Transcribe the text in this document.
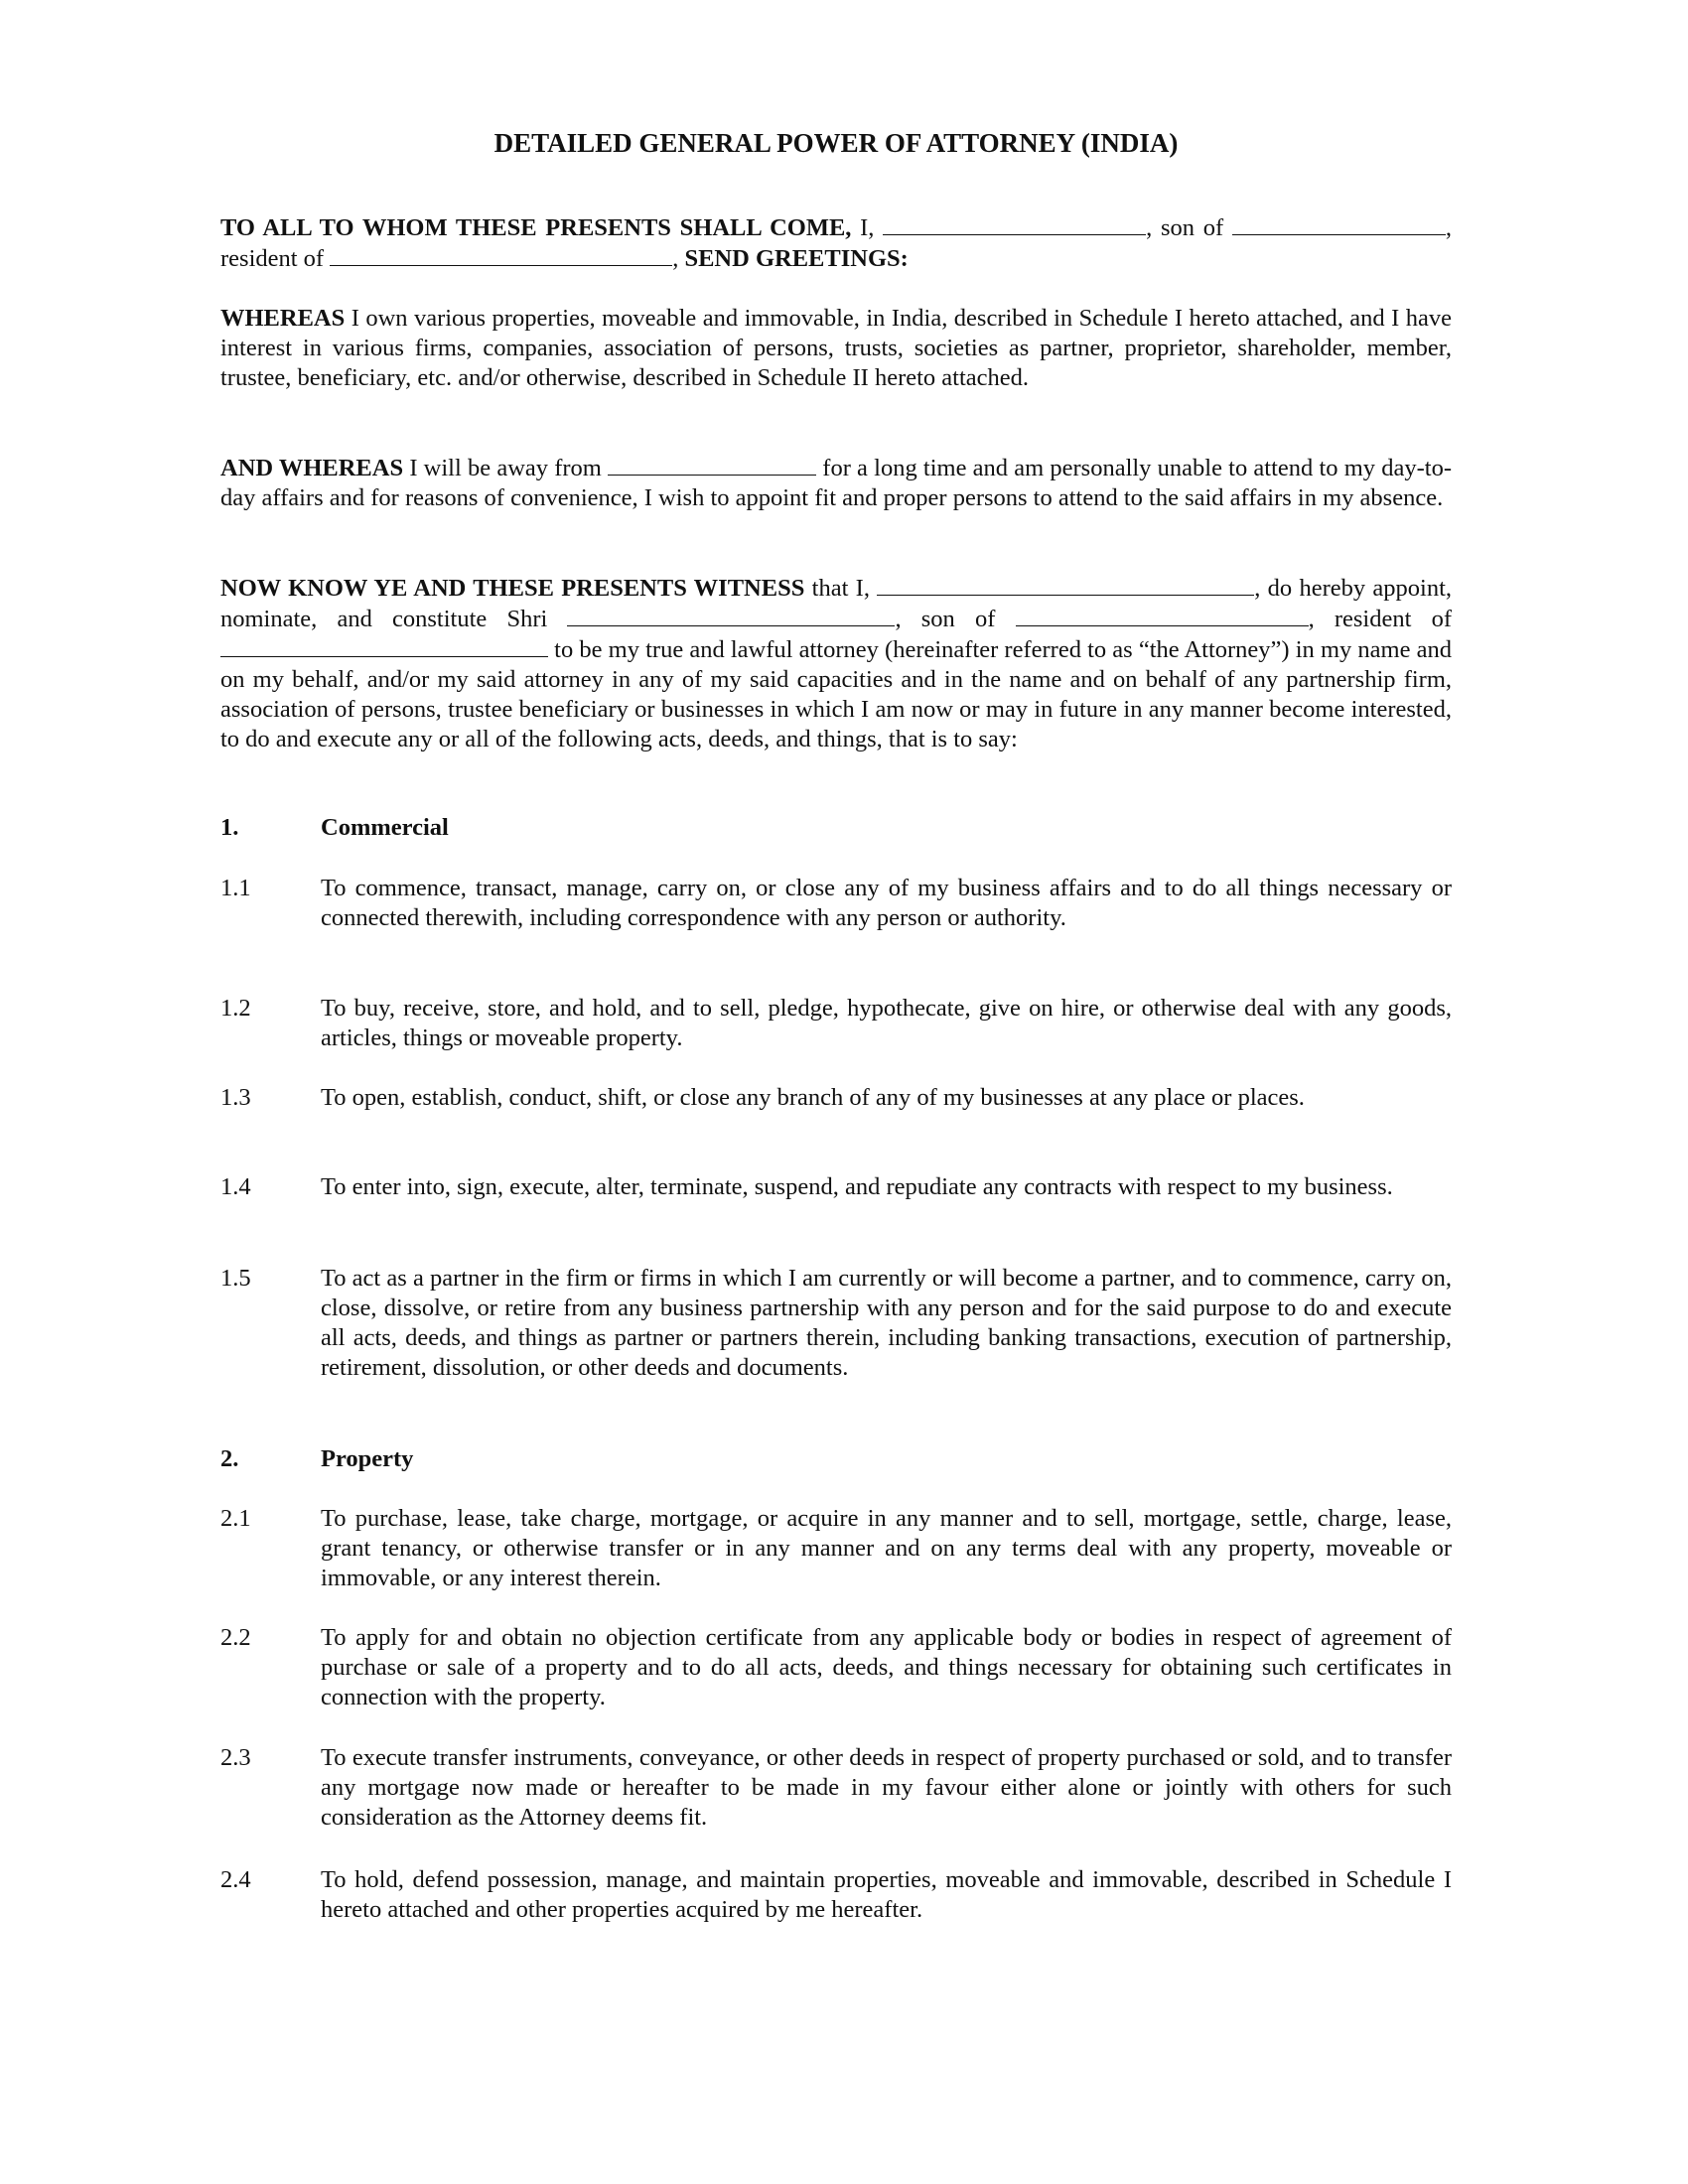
DETAILED GENERAL POWER OF ATTORNEY (INDIA)
TO ALL TO WHOM THESE PRESENTS SHALL COME, I,	, son of	, resident of	, SEND GREETINGS:
WHEREAS I own various properties, moveable and immovable, in India, described in Schedule I hereto attached, and I have interest in various firms, companies, association of persons, trusts, societies as partner, proprietor, shareholder, member, trustee, beneficiary, etc. and/or otherwise, described in Schedule II hereto attached.
AND WHEREAS I will be away from	for a long time and am personally unable to attend to my day-to-day affairs and for reasons of convenience, I wish to appoint fit and proper persons to attend to the said affairs in my absence.
NOW KNOW YE AND THESE PRESENTS WITNESS that I,	, do hereby appoint, nominate, and constitute Shri	, son of	, resident of  to be my true and lawful attorney (hereinafter referred to as “the Attorney”) in my name and on my behalf, and/or my said attorney in any of my said capacities and in the name and on behalf of any partnership firm, association of persons, trustee beneficiary or businesses in which I am now or may in future in any manner become interested, to do and execute any or all of the following acts, deeds, and things, that is to say:
1.	Commercial
1.1	To commence, transact, manage, carry on, or close any of my business affairs and to do all things necessary or connected therewith, including correspondence with any person or authority.
1.2	To buy, receive, store, and hold, and to sell, pledge, hypothecate, give on hire, or otherwise deal with any goods, articles, things or moveable property.
1.3	To open, establish, conduct, shift, or close any branch of any of my businesses at any place or places.
1.4	To enter into, sign, execute, alter, terminate, suspend, and repudiate any contracts with respect to my business.
1.5	To act as a partner in the firm or firms in which I am currently or will become a partner, and to commence, carry on, close, dissolve, or retire from any business partnership with any person and for the said purpose to do and execute all acts, deeds, and things as partner or partners therein, including banking transactions, execution of partnership, retirement, dissolution, or other deeds and documents.
2.	Property
2.1	To purchase, lease, take charge, mortgage, or acquire in any manner and to sell, mortgage, settle, charge, lease, grant tenancy, or otherwise transfer or in any manner and on any terms deal with any property, moveable or immovable, or any interest therein.
2.2	To apply for and obtain no objection certificate from any applicable body or bodies in respect of agreement of purchase or sale of a property and to do all acts, deeds, and things necessary for obtaining such certificates in connection with the property.
2.3	To execute transfer instruments, conveyance, or other deeds in respect of property purchased or sold, and to transfer any mortgage now made or hereafter to be made in my favour either alone or jointly with others for such consideration as the Attorney deems fit.
2.4	To hold, defend possession, manage, and maintain properties, moveable and immovable, described in Schedule I hereto attached and other properties acquired by me hereafter.
